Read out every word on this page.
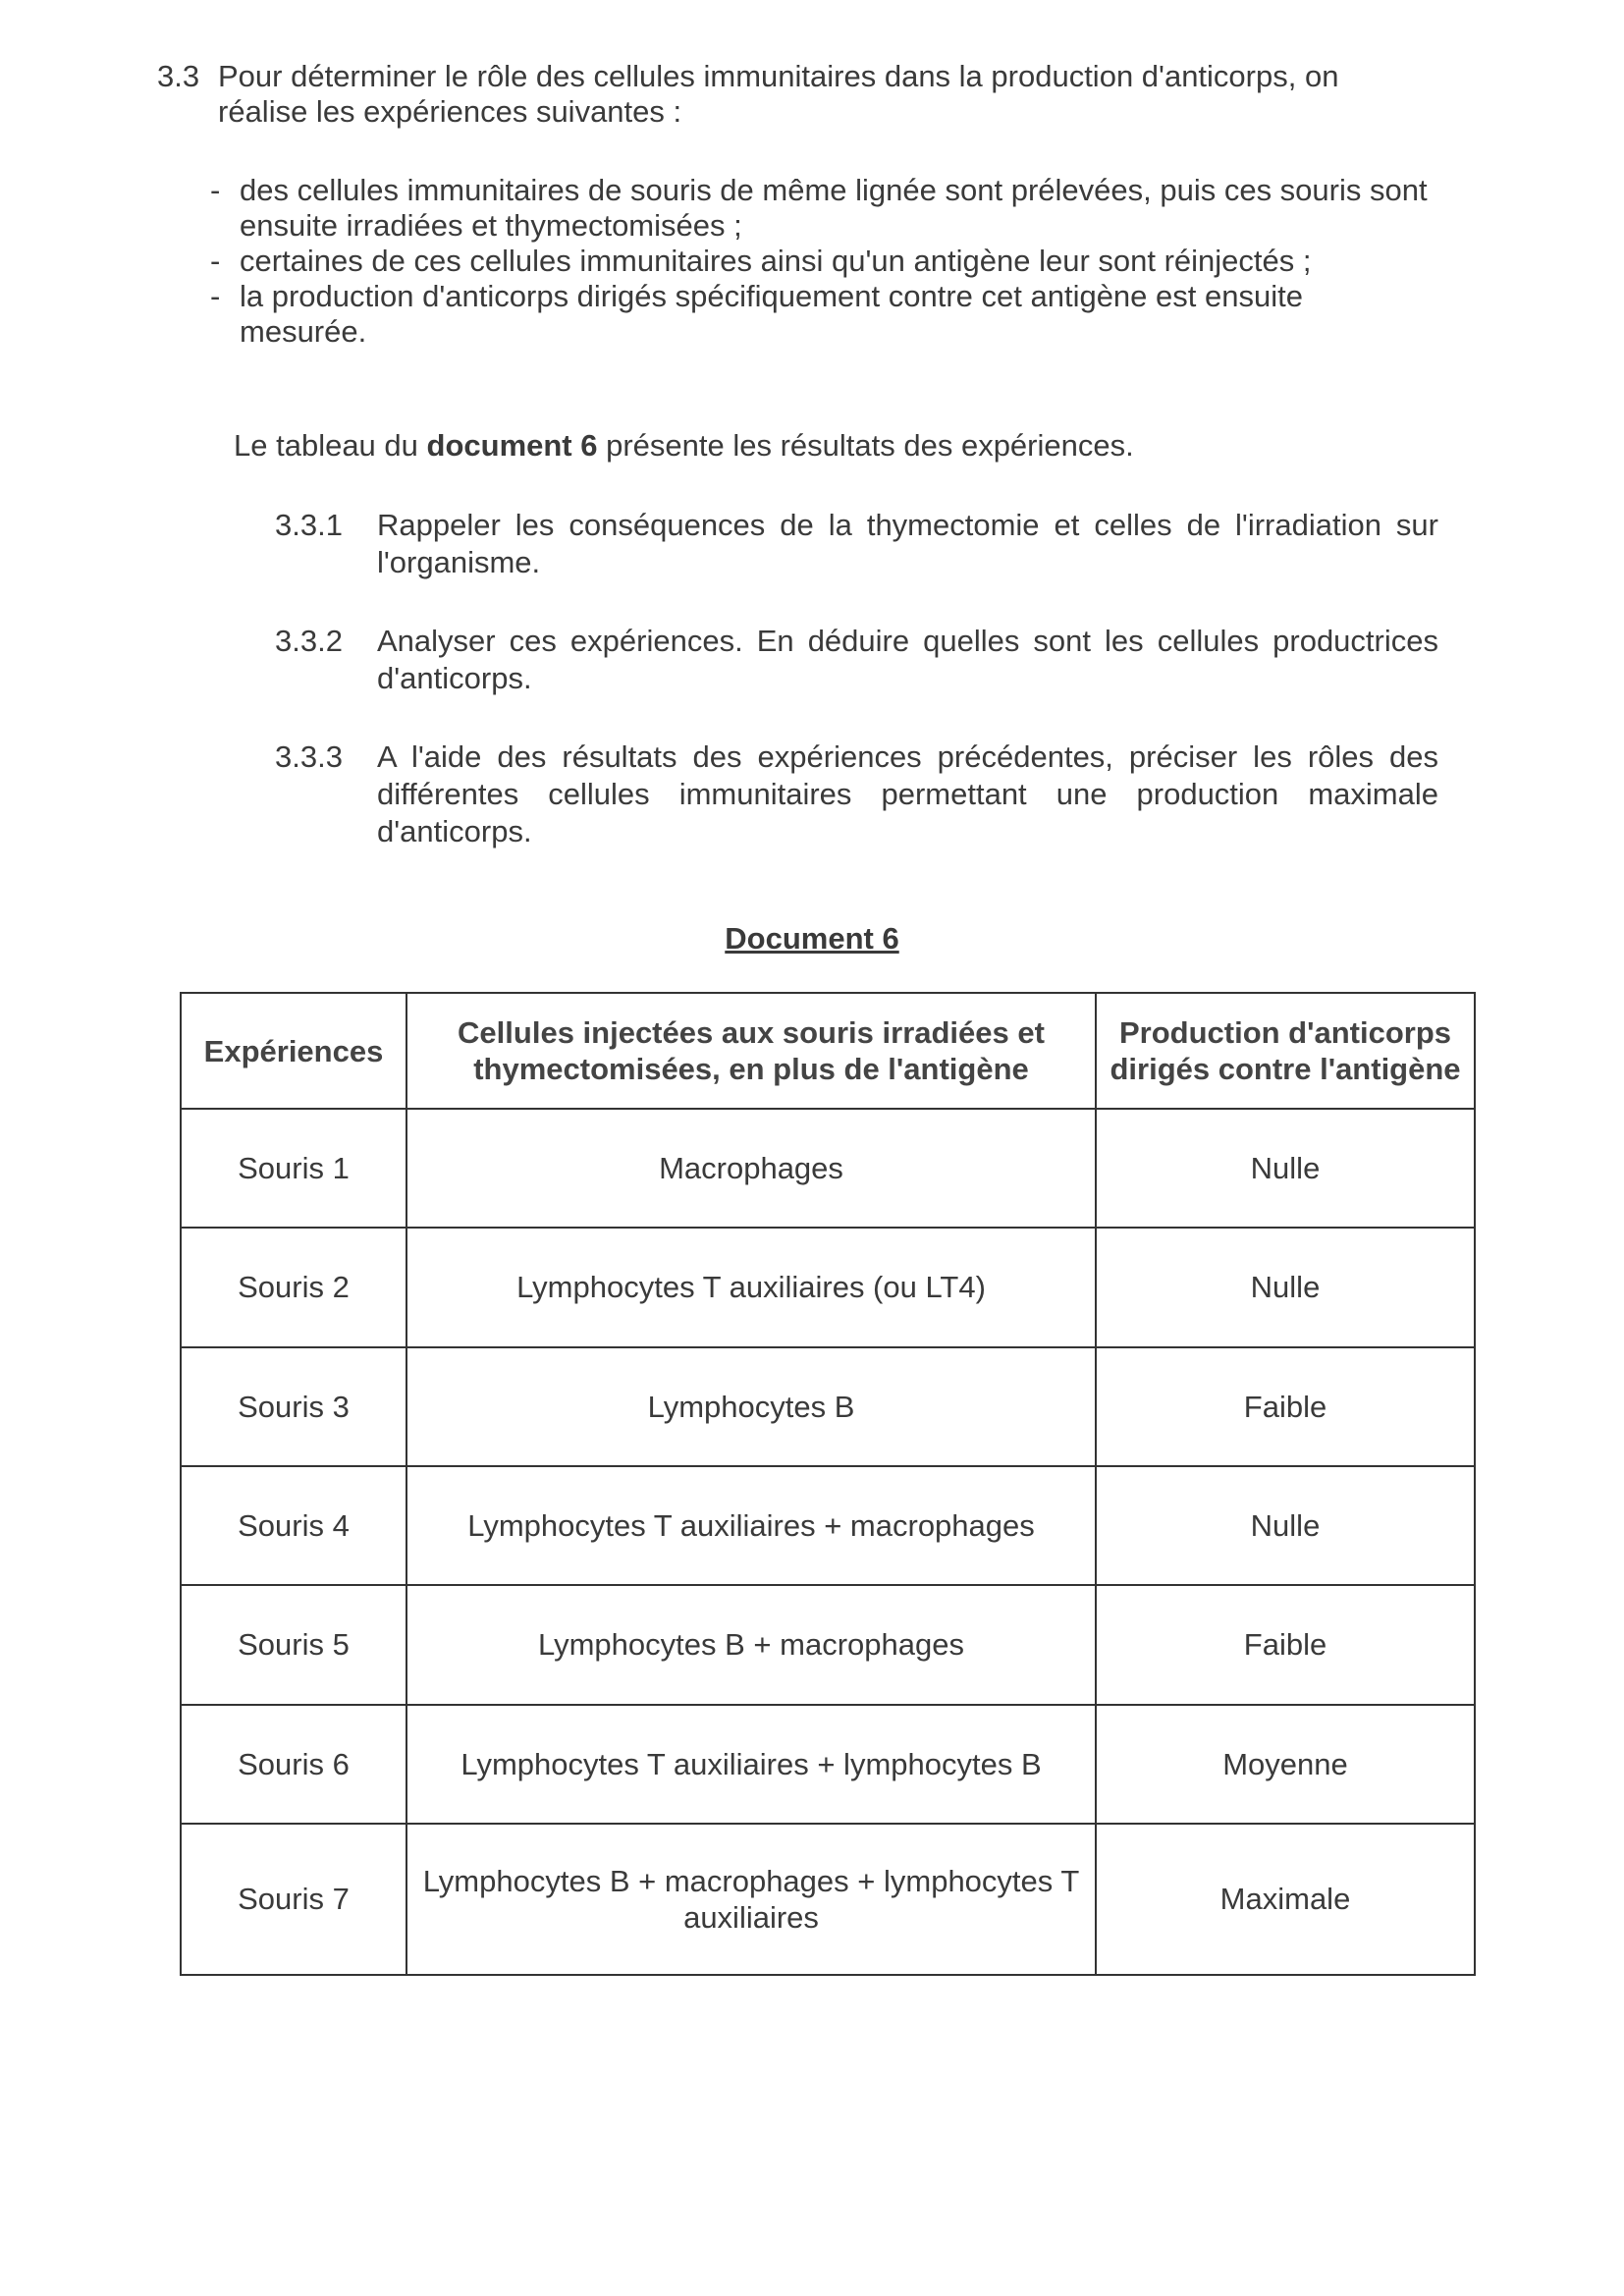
3.3 Pour déterminer le rôle des cellules immunitaires dans la production d'anticorps, on réalise les expériences suivantes :
- des cellules immunitaires de souris de même lignée sont prélevées, puis ces souris sont ensuite irradiées et thymectomisées ;
- certaines de ces cellules immunitaires ainsi qu'un antigène leur sont réinjectés ;
- la production d'anticorps dirigés spécifiquement contre cet antigène est ensuite mesurée.
Le tableau du document 6 présente les résultats des expériences.
3.3.1 Rappeler les conséquences de la thymectomie et celles de l'irradiation sur l'organisme.
3.3.2 Analyser ces expériences. En déduire quelles sont les cellules productrices d'anticorps.
3.3.3 A l'aide des résultats des expériences précédentes, préciser les rôles des différentes cellules immunitaires permettant une production maximale d'anticorps.
Document 6
Expériences	Cellules injectées aux souris irradiées et thymectomisées, en plus de l'antigène	Production d'anticorps dirigés contre l'antigène
Souris 1	Macrophages	Nulle
Souris 2	Lymphocytes T auxiliaires (ou LT4)	Nulle
Souris 3	Lymphocytes B	Faible
Souris 4	Lymphocytes T auxiliaires + macrophages	Nulle
Souris 5	Lymphocytes B + macrophages	Faible
Souris 6	Lymphocytes T auxiliaires + lymphocytes B	Moyenne
Souris 7	Lymphocytes B + macrophages + lymphocytes T auxiliaires	Maximale
